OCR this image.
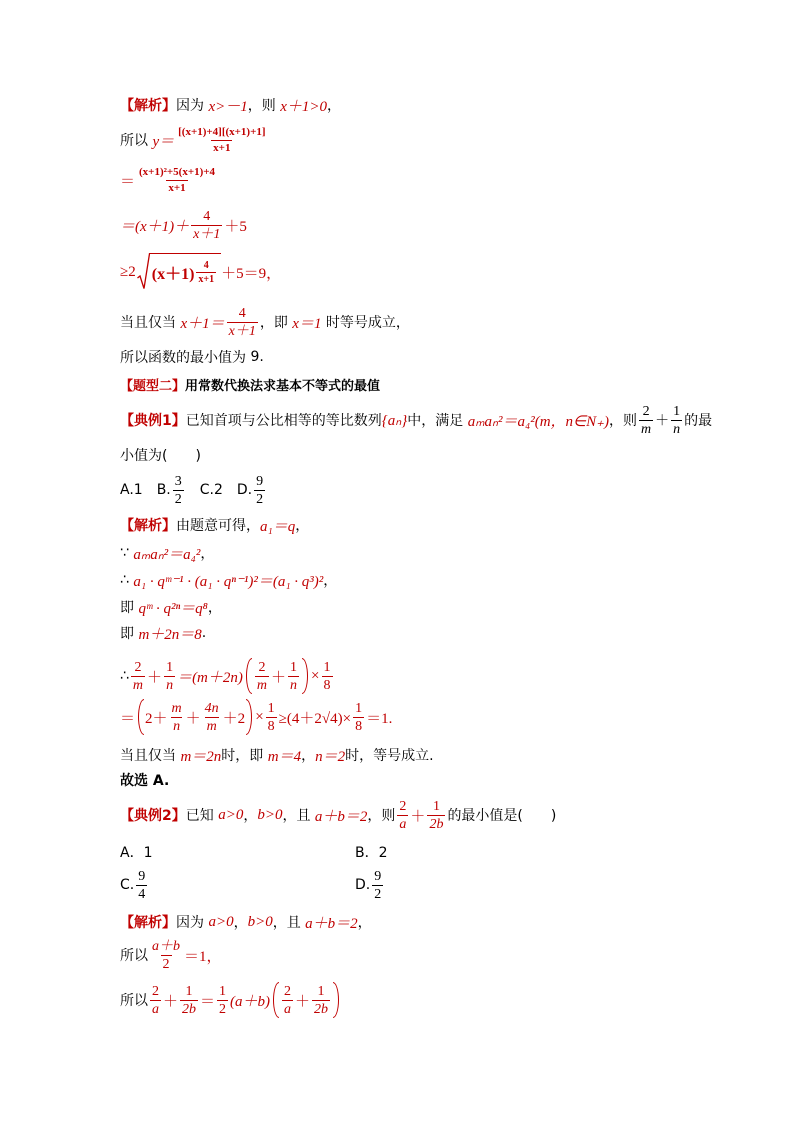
【解析】 因为 x>－1 ，则 x＋1>0 ，
所以 $y= \frac{[(x+1)+4][(x+1)+1]}{x+1}$
＝ $\frac{\text{(x+1)²+5(x+1)+4}}{x+1}$
$=(x+1)+ \frac{4}{x+1} +5$
≥2 $(x+1) \frac{4}{x+1} +5=9$，
当且仅当 $x+1= \frac{4}{x+1}$ ，即 x＝1 时等号成立，
所以函数的最小值为 9 .
【题型二】 用常数代换法求基本不等式的最值
【典例1】 已知首项与公比相等的等比数列 {aₙ} 中，满足 aₘaₙ²＝a₄²(m，n∈N₊) ，则 $\frac{2}{m} + \frac{1}{n}$ 的最
小值为(　　)
A.1 B. $\frac{3}{2} C.2$ D. $\frac{9}{2}$
【解析】 由题意可得， a₁＝q ，
∵ aₘaₙ²＝a₄² ，
∴ a₁ · qᵐ⁻¹ · (a₁ · qⁿ⁻¹)²＝(a₁ · q³)² ，
即 qᵐ · q²ⁿ＝q⁸ ，
即 m＋2n＝8 .
∴ $\frac{2}{m} + \frac{1}{n} =(m+2n) \frac{2}{m} + \frac{1}{n} \times \frac{1}{8}$
＝ $2+ \frac{m}{n} + \frac{4n}{m} +2 \times \frac{1}{8} \ge(4+2√4)\times \frac{1}{8} =1$.
当且仅当 m＝2n 时，即 m＝4 ， n＝2 时，等号成立.
故选 A.
【典例2】 已知 a>0 ， b>0 ，且 a＋b＝2 ，则 $\frac{2}{a} + \frac{1}{2b}$ 的最小值是(　　)
A．1	B．2
C. $\frac{9}{4}$	D. $\frac{9}{2}$
【解析】 因为 a>0 ， b>0 ，且 a＋b＝2 ，
所以 $\frac{a+b}{2} =1$，
所以 $\frac{2}{a} + \frac{1}{2b} = \frac{1}{2} (a+b) \frac{2}{a} + \frac{1}{2b}$
